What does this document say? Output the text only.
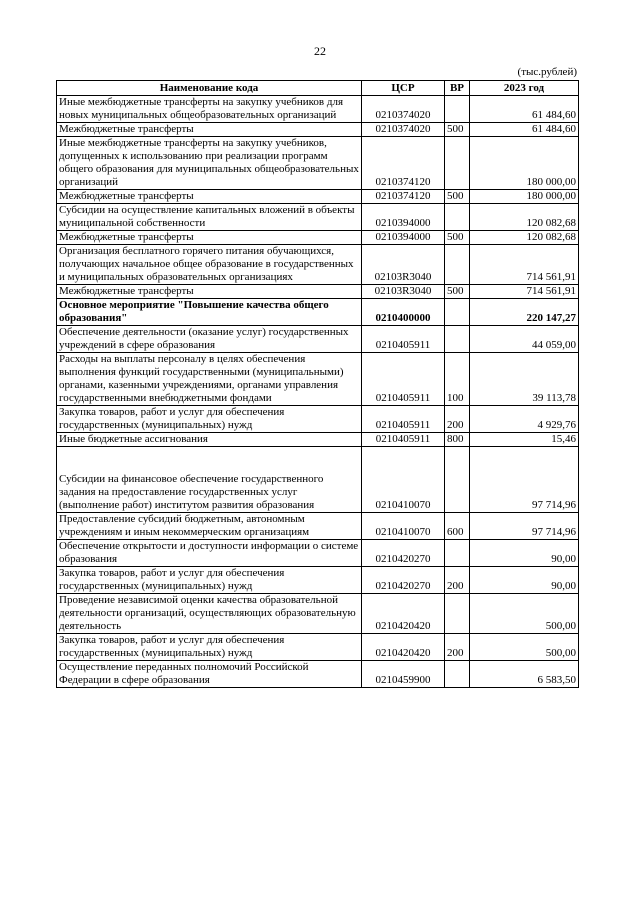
22
(тыс.рублей)
Наименование кода	ЦСР	ВР	2023 год
Иные межбюджетные трансферты на закупку учебников для новых муниципальных общеобразовательных организаций	0210374020		61 484,60
Межбюджетные трансферты	0210374020	500	61 484,60
Иные межбюджетные трансферты на закупку учебников, допущенных к использованию при реализации программ общего образования для муниципальных общеобразовательных организаций	0210374120		180 000,00
Межбюджетные трансферты	0210374120	500	180 000,00
Субсидии на осуществление капитальных вложений в объекты муниципальной собственности	0210394000		120 082,68
Межбюджетные трансферты	0210394000	500	120 082,68
Организация бесплатного горячего питания обучающихся, получающих начальное общее образование в государственных и муниципальных образовательных организациях	02103R3040		714 561,91
Межбюджетные трансферты	02103R3040	500	714 561,91
Основное мероприятие "Повышение качества общего образования"	0210400000		220 147,27
Обеспечение деятельности (оказание услуг) государственных учреждений в сфере образования	0210405911		44 059,00
Расходы на выплаты персоналу в целях обеспечения выполнения функций государственными (муниципальными) органами, казенными учреждениями, органами управления государственными внебюджетными фондами	0210405911	100	39 113,78
Закупка товаров, работ и услуг для обеспечения государственных (муниципальных) нужд	0210405911	200	4 929,76
Иные бюджетные ассигнования	0210405911	800	15,46

Субсидии на финансовое обеспечение государственного задания на предоставление государственных услуг (выполнение работ) институтом развития образования	0210410070		97 714,96
Предоставление субсидий бюджетным, автономным учреждениям и иным некоммерческим организациям	0210410070	600	97 714,96
Обеспечение открытости и доступности информации о системе образования	0210420270		90,00
Закупка товаров, работ и услуг для обеспечения государственных (муниципальных) нужд	0210420270	200	90,00
Проведение независимой оценки качества образовательной деятельности организаций, осуществляющих образовательную деятельность	0210420420		500,00
Закупка товаров, работ и услуг для обеспечения государственных (муниципальных) нужд	0210420420	200	500,00
Осуществление переданных полномочий Российской Федерации в сфере образования	0210459900		6 583,50
